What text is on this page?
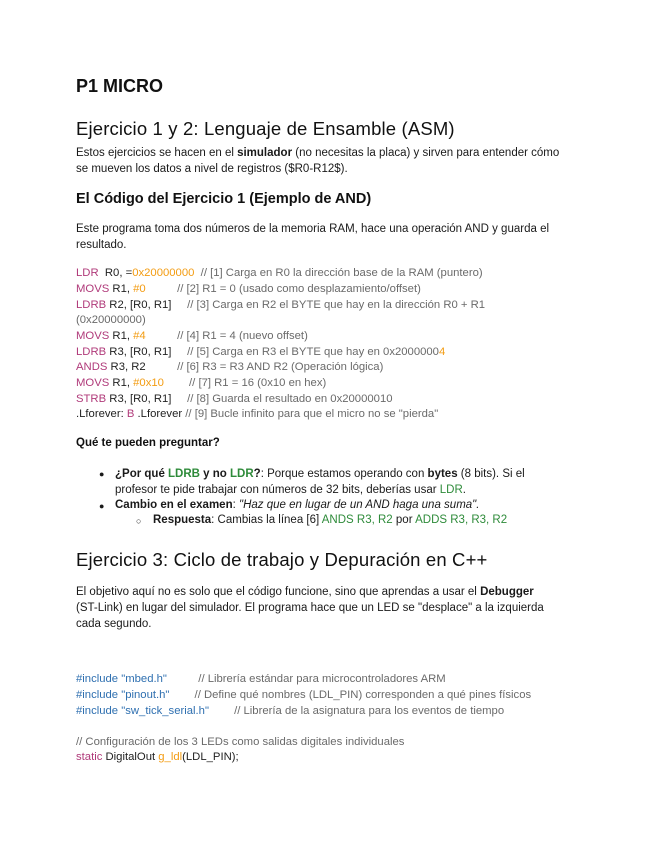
P1 MICRO
Ejercicio 1 y 2: Lenguaje de Ensamble (ASM)
Estos ejercicios se hacen en el simulador (no necesitas la placa) y sirven para entender cómo
se mueven los datos a nivel de registros ($R0-R12$).
El Código del Ejercicio 1 (Ejemplo de AND)
Este programa toma dos números de la memoria RAM, hace una operación AND y guarda el
resultado.
LDR  R0, =0x20000000  // [1] Carga en R0 la dirección base de la RAM (puntero)
MOVS R1, #0          // [2] R1 = 0 (usado como desplazamiento/offset)
LDRB R2, [R0, R1]     // [3] Carga en R2 el BYTE que hay en la dirección R0 + R1
(0x20000000)
MOVS R1, #4          // [4] R1 = 4 (nuevo offset)
LDRB R3, [R0, R1]     // [5] Carga en R3 el BYTE que hay en 0x20000004
ANDS R3, R2          // [6] R3 = R3 AND R2 (Operación lógica)
MOVS R1, #0x10        // [7] R1 = 16 (0x10 en hex)
STRB R3, [R0, R1]     // [8] Guarda el resultado en 0x20000010
.Lforever: B .Lforever // [9] Bucle infinito para que el micro no se "pierda"
Qué te pueden preguntar?
● ¿Por qué LDRB y no LDR?: Porque estamos operando con bytes (8 bits). Si el
profesor te pide trabajar con números de 32 bits, deberías usar LDR.
● Cambio en el examen: "Haz que en lugar de un AND haga una suma".
○ Respuesta: Cambias la línea [6] ANDS R3, R2 por ADDS R3, R3, R2
Ejercicio 3: Ciclo de trabajo y Depuración en C++
El objetivo aquí no es solo que el código funcione, sino que aprendas a usar el Debugger
(ST-Link) en lugar del simulador. El programa hace que un LED se "desplace" a la izquierda
cada segundo.
#include "mbed.h"          // Librería estándar para microcontroladores ARM
#include "pinout.h"        // Define qué nombres (LDL_PIN) corresponden a qué pines físicos
#include "sw_tick_serial.h"        // Librería de la asignatura para los eventos de tiempo
// Configuración de los 3 LEDs como salidas digitales individuales
static DigitalOut g_ldl(LDL_PIN);
